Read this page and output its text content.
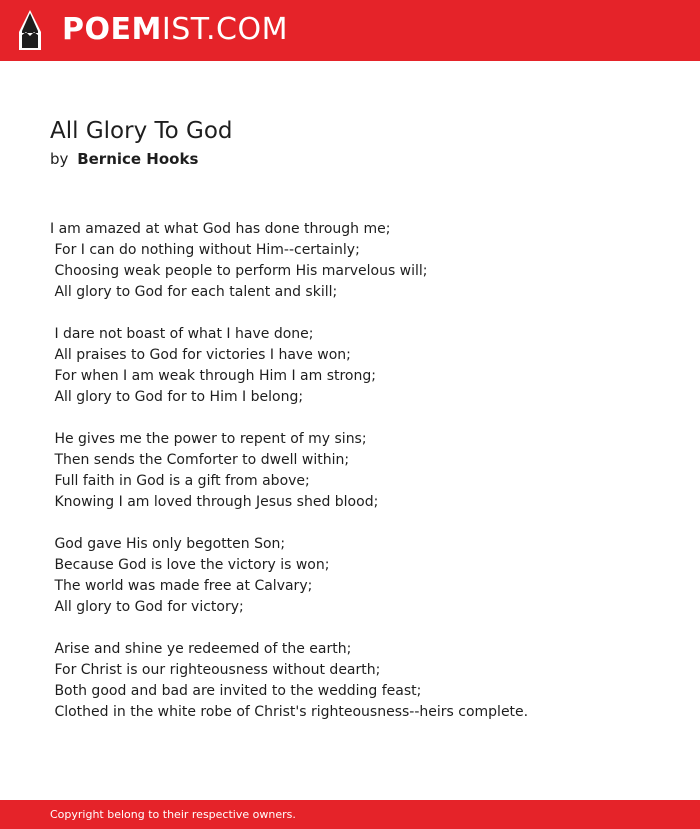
POEMIST.COM
All Glory To God
by Bernice Hooks
I am amazed at what God has done through me;
For I can do nothing without Him--certainly;
Choosing weak people to perform His marvelous will;
All glory to God for each talent and skill;
I dare not boast of what I have done;
All praises to God for victories I have won;
For when I am weak through Him I am strong;
All glory to God for to Him I belong;
He gives me the power to repent of my sins;
Then sends the Comforter to dwell within;
Full faith in God is a gift from above;
Knowing I am loved through Jesus shed blood;
God gave His only begotten Son;
Because God is love the victory is won;
The world was made free at Calvary;
All glory to God for victory;
Arise and shine ye redeemed of the earth;
For Christ is our righteousness without dearth;
Both good and bad are invited to the wedding feast;
Clothed in the white robe of Christ's righteousness--heirs complete.
Copyright belong to their respective owners.
